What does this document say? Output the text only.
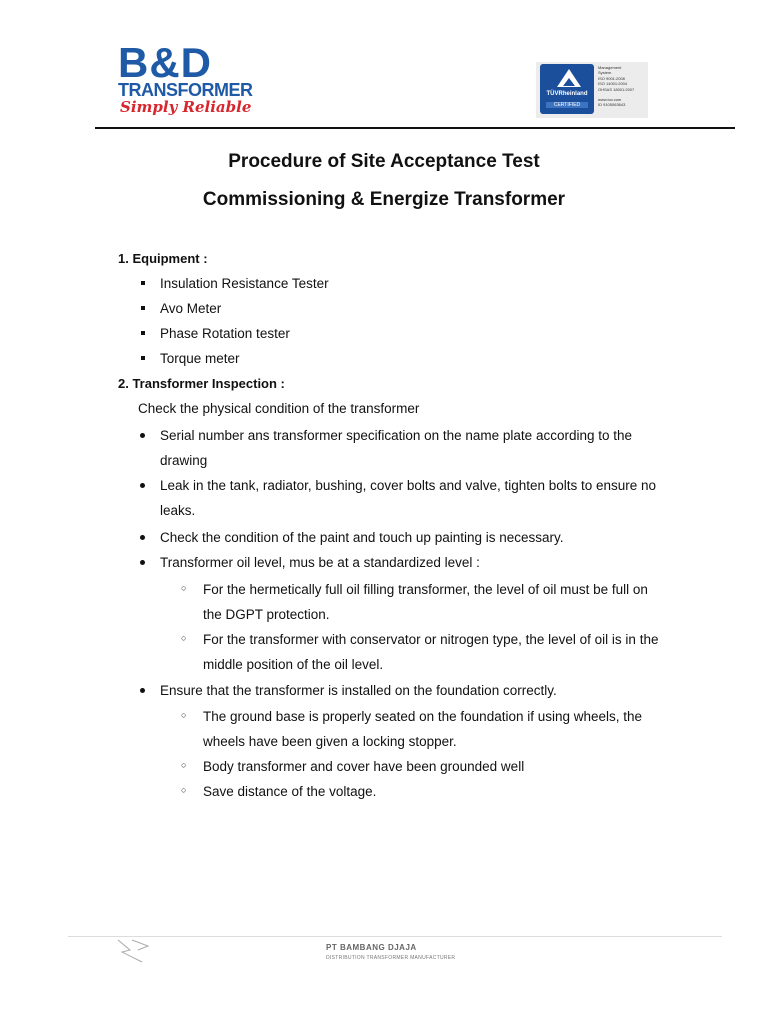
B&D
TRANSFORMER
Simply Reliable
TÜVRheinland
CERTIFIED
Management
System
ISO 9001:2008
ISO 14001:2004
OHSAS 18001:2007
www.tuv.com
ID 9105063643
Procedure of Site Acceptance Test
Commissioning & Energize Transformer
1. Equipment :
Insulation Resistance Tester
Avo Meter
Phase Rotation tester
Torque meter
2. Transformer Inspection :
Check the physical condition of the transformer
Serial number ans transformer specification on the name plate according to the
drawing
Leak in the tank, radiator, bushing, cover bolts and valve, tighten bolts to ensure no
leaks.
Check the condition of the paint and touch up painting is necessary.
Transformer oil level, mus be at a standardized level :
○ For the hermetically full oil filling transformer, the level of oil must be full on
the DGPT protection.
○ For the transformer with conservator or nitrogen type, the level of oil is in the
middle position of the oil level.
Ensure that the transformer is installed on the foundation correctly.
○ The ground base is properly seated on the foundation if using wheels, the
wheels have been given a locking stopper.
○ Body transformer and cover have been grounded well
○ Save distance of the voltage.
PT BAMBANG DJAJA
DISTRIBUTION TRANSFORMER MANUFACTURER
